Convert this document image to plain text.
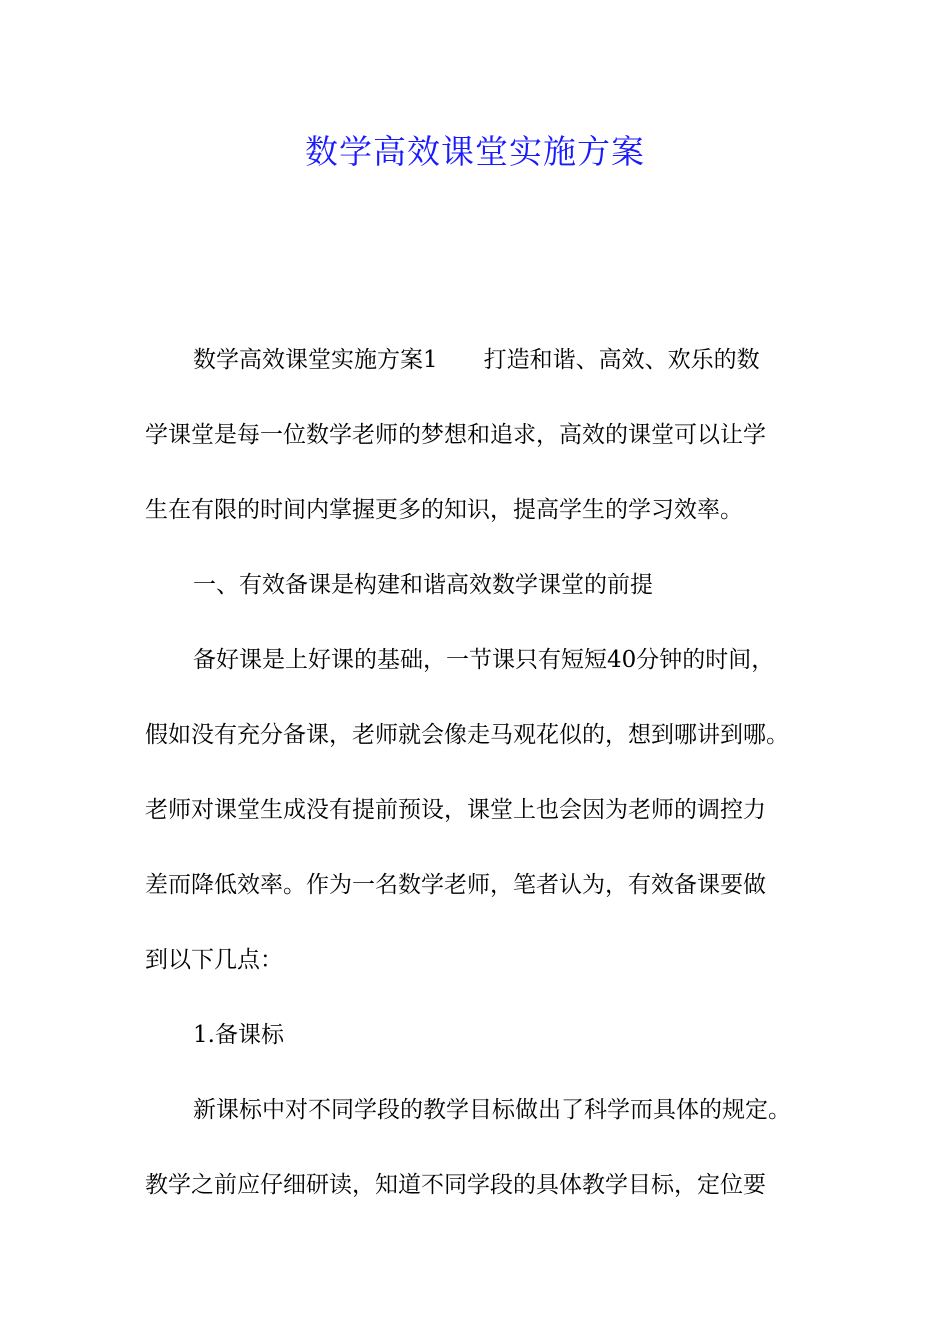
数学高效课堂实施方案

数学高效课堂实施方案1　　打造和谐、高效、欢乐的数

学课堂是每一位数学老师的梦想和追求，高效的课堂可以让学

生在有限的时间内掌握更多的知识，提高学生的学习效率。

一、有效备课是构建和谐高效数学课堂的前提

备好课是上好课的基础，一节课只有短短40分钟的时间，

假如没有充分备课，老师就会像走马观花似的，想到哪讲到哪。

老师对课堂生成没有提前预设，课堂上也会因为老师的调控力

差而降低效率。作为一名数学老师，笔者认为，有效备课要做

到以下几点：

1.备课标

新课标中对不同学段的教学目标做出了科学而具体的规定。

教学之前应仔细研读，知道不同学段的具体教学目标，定位要
